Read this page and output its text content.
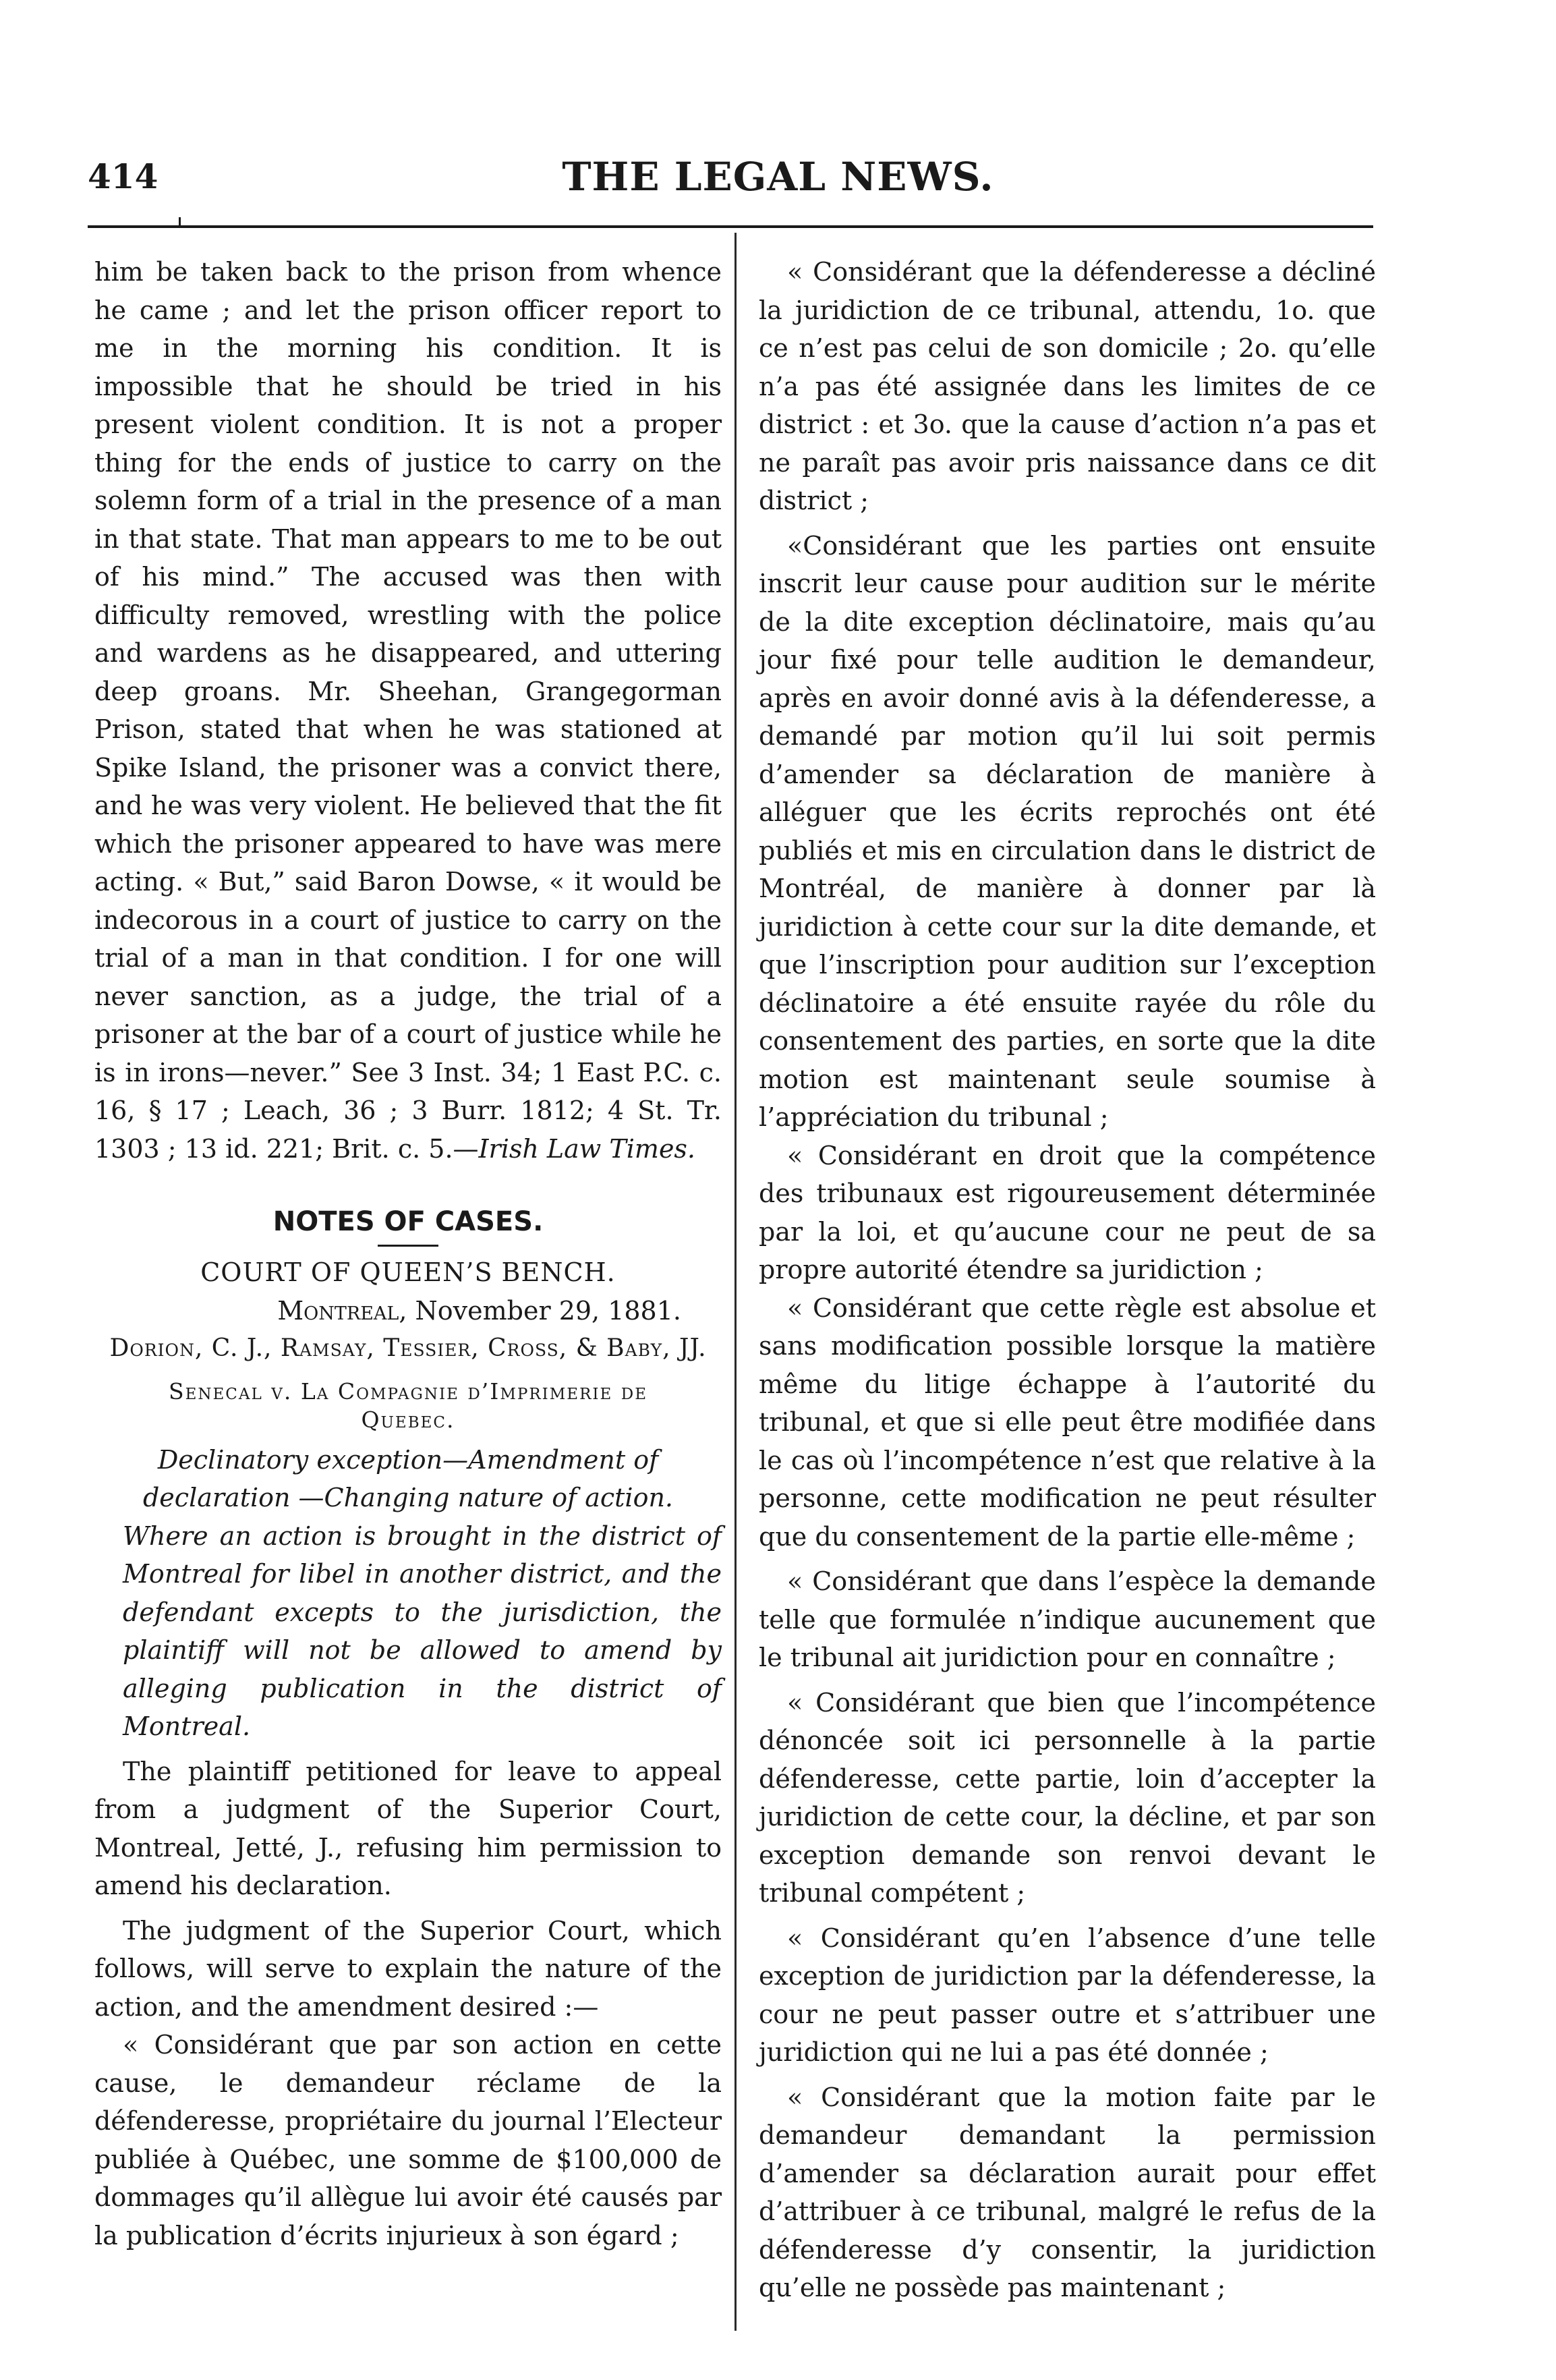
414	THE LEGAL NEWS.

him be taken back to the prison from whence he came ; and let the prison officer report to me in the morning his condition. It is impossible that he should be tried in his present violent condition. It is not a proper thing for the ends of justice to carry on the solemn form of a trial in the presence of a man in that state. That man appears to me to be out of his mind.” The accused was then with difficulty removed, wrestling with the police and wardens as he disappeared, and uttering deep groans. Mr. Sheehan, Grangegorman Prison, stated that when he was stationed at Spike Island, the prisoner was a convict there, and he was very violent. He believed that the fit which the prisoner appeared to have was mere acting. « But,” said Baron Dowse, « it would be indecorous in a court of justice to carry on the trial of a man in that condition. I for one will never sanction, as a judge, the trial of a prisoner at the bar of a court of justice while he is in irons—never.” See 3 Inst. 34; 1 East P.C. c. 16, § 17 ; Leach, 36 ; 3 Burr. 1812; 4 St. Tr. 1303 ; 13 id. 221; Brit. c. 5.—Irish Law Times.

NOTES OF CASES.
COURT OF QUEEN’S BENCH.
Montreal, November 29, 1881.
Dorion, C. J., Ramsay, Tessier, Cross, & Baby, JJ.
Senecal v. La Compagnie d’Imprimerie de
Quebec.
Declinatory exception—Amendment of declaration —Changing nature of action.

Where an action is brought in the district of Montreal for libel in another district, and the defendant excepts to the jurisdiction, the plaintiff will not be allowed to amend by alleging publication in the district of Montreal.

The plaintiff petitioned for leave to appeal from a judgment of the Superior Court, Montreal, Jetté, J., refusing him permission to amend his declaration.

The judgment of the Superior Court, which follows, will serve to explain the nature of the action, and the amendment desired :—

« Considérant que par son action en cette cause, le demandeur réclame de la défenderesse, propriétaire du journal l’Electeur publiée à Québec, une somme de $100,000 de dommages qu’il allègue lui avoir été causés par la publication d’écrits injurieux à son égard ;

« Considérant que la défenderesse a décliné la juridiction de ce tribunal, attendu, 1o. que ce n’est pas celui de son domicile ; 2o. qu’elle n’a pas été assignée dans les limites de ce district : et 3o. que la cause d’action n’a pas et ne paraît pas avoir pris naissance dans ce dit district ;

«Considérant que les parties ont ensuite inscrit leur cause pour audition sur le mérite de la dite exception déclinatoire, mais qu’au jour fixé pour telle audition le demandeur, après en avoir donné avis à la défenderesse, a demandé par motion qu’il lui soit permis d’amender sa déclaration de manière à alléguer que les écrits reprochés ont été publiés et mis en circulation dans le district de Montréal, de manière à donner par là juridiction à cette cour sur la dite demande, et que l’inscription pour audition sur l’exception déclinatoire a été ensuite rayée du rôle du consentement des parties, en sorte que la dite motion est maintenant seule soumise à l’appréciation du tribunal ;

« Considérant en droit que la compétence des tribunaux est rigoureusement déterminée par la loi, et qu’aucune cour ne peut de sa propre autorité étendre sa juridiction ;

« Considérant que cette règle est absolue et sans modification possible lorsque la matière même du litige échappe à l’autorité du tribunal, et que si elle peut être modifiée dans le cas où l’incompétence n’est que relative à la personne, cette modification ne peut résulter que du consentement de la partie elle-même ;

« Considérant que dans l’espèce la demande telle que formulée n’indique aucunement que le tribunal ait juridiction pour en connaître ;

« Considérant que bien que l’incompétence dénoncée soit ici personnelle à la partie défenderesse, cette partie, loin d’accepter la juridiction de cette cour, la décline, et par son exception demande son renvoi devant le tribunal compétent ;

« Considérant qu’en l’absence d’une telle exception de juridiction par la défenderesse, la cour ne peut passer outre et s’attribuer une juridiction qui ne lui a pas été donnée ;

« Considérant que la motion faite par le demandeur demandant la permission d’amender sa déclaration aurait pour effet d’attribuer à ce tribunal, malgré le refus de la défenderesse d’y consentir, la juridiction qu’elle ne possède pas maintenant ;
